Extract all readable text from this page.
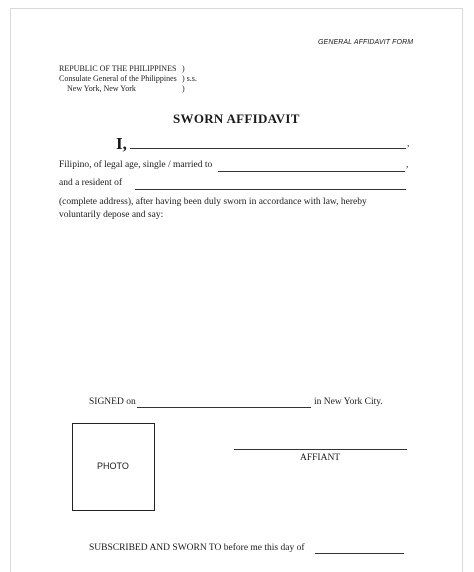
GENERAL AFFIDAVIT FORM
REPUBLIC OF THE PHILIPPINES )
Consulate General of the Philippines ) s.s.
New York, New York	)
SWORN AFFIDAVIT
I,	,
Filipino, of legal age, single / married to	,
and a resident of
(complete address), after having been duly sworn in accordance with law, hereby
voluntarily depose and say:
SIGNED on	in New York City.
PHOTO
AFFIANT
SUBSCRIBED AND SWORN TO before me this day of
